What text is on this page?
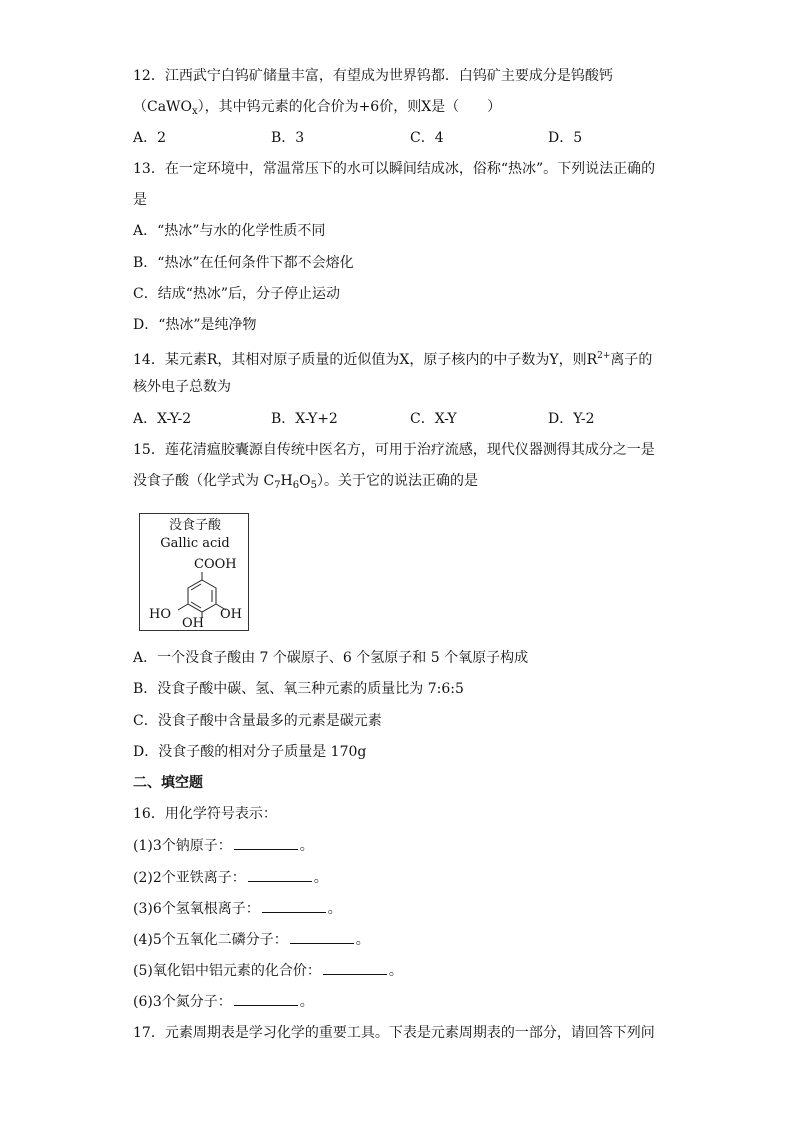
12．江西武宁白钨矿储量丰富，有望成为世界钨都．白钨矿主要成分是钨酸钙
（CaWO$_x$），其中钨元素的化合价为+6价，则X是（　　）
A．2	B．3	C．4	D．5
13．在一定环境中，常温常压下的水可以瞬间结成冰，俗称“热冰”。下列说法正确的
是
A．“热冰”与水的化学性质不同
B．“热冰”在任何条件下都不会熔化
C．结成“热冰”后，分子停止运动
D．“热冰”是纯净物
14．某元素R，其相对原子质量的近似值为X，原子核内的中子数为Y，则$R^{2+}$离子的
核外电子总数为
A．X-Y-2	B．X-Y+2	C．X-Y	D．Y-2
15．莲花清瘟胶囊源自传统中医名方，可用于治疗流感，现代仪器测得其成分之一是
没食子酸（化学式为 $C_7H_6O_5$）。关于它的说法正确的是
没食子酸
Gallic acid
COOH
HO	OH
OH
A．一个没食子酸由 7 个碳原子、6 个氢原子和 5 个氧原子构成
B．没食子酸中碳、氢、氧三种元素的质量比为 7:6:5
C．没食子酸中含量最多的元素是碳元素
D．没食子酸的相对分子质量是 170g
二、填空题
16．用化学符号表示：
(1)3个钠原子：	。
(2)2个亚铁离子：	。
(3)6个氢氧根离子：	。
(4)5个五氧化二磷分子：	。
(5)氧化铝中铝元素的化合价：	。
(6)3个氮分子：	。
17．元素周期表是学习化学的重要工具。下表是元素周期表的一部分，请回答下列问
